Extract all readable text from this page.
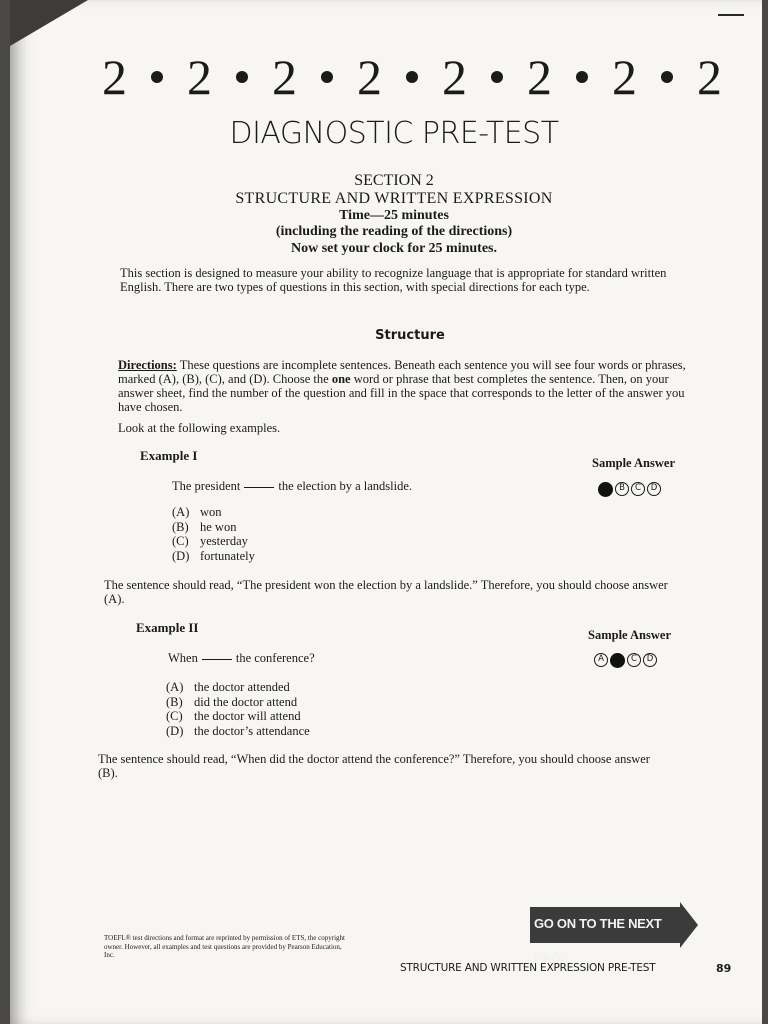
2 2 2 2 2 2 2 2
DIAGNOSTIC PRE-TEST
SECTION 2
STRUCTURE AND WRITTEN EXPRESSION
Time—25 minutes
(including the reading of the directions)
Now set your clock for 25 minutes.
This section is designed to measure your ability to recognize language that is appropriate for standard written English. There are two types of questions in this section, with special directions for each type.
Structure
Directions: These questions are incomplete sentences. Beneath each sentence you will see four words or phrases, marked (A), (B), (C), and (D). Choose the one word or phrase that best completes the sentence. Then, on your answer sheet, find the number of the question and fill in the space that corresponds to the letter of the answer you have chosen.
Look at the following examples.
Example I	Sample Answer
The president	the election by a landslide.	B	C	D
(A) won
(B) he won
(C) yesterday
(D) fortunately
The sentence should read, “The president won the election by a landslide.” Therefore, you should choose answer (A).
Example II	Sample Answer
When	the conference?	A	C	D
(A) the doctor attended
(B) did the doctor attend
(C) the doctor will attend
(D) the doctor’s attendance
The sentence should read, “When did the doctor attend the conference?” Therefore, you should choose answer (B).
GO ON TO THE NEXT PAGE
TOEFL® test directions and format are reprinted by permission of ETS, the copyright owner. However, all examples and test questions are provided by Pearson Education, Inc.
STRUCTURE AND WRITTEN EXPRESSION PRE-TEST	89
